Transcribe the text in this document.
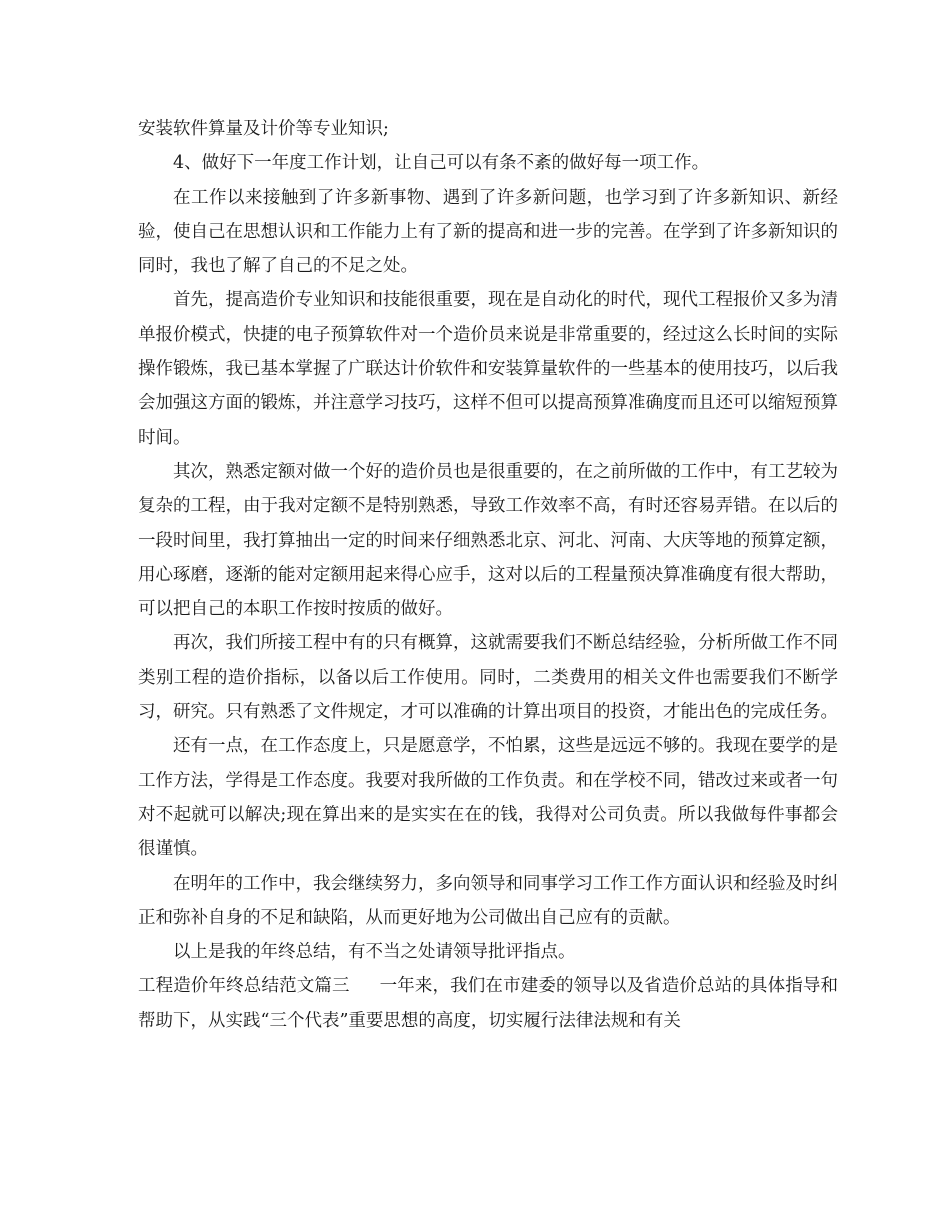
安装软件算量及计价等专业知识;

4、做好下一年度工作计划，让自己可以有条不紊的做好每一项工作。

在工作以来接触到了许多新事物、遇到了许多新问题，也学习到了许多新知识、新经验，使自己在思想认识和工作能力上有了新的提高和进一步的完善。在学到了许多新知识的同时，我也了解了自己的不足之处。

首先，提高造价专业知识和技能很重要，现在是自动化的时代，现代工程报价又多为清单报价模式，快捷的电子预算软件对一个造价员来说是非常重要的，经过这么长时间的实际操作锻炼，我已基本掌握了广联达计价软件和安装算量软件的一些基本的使用技巧，以后我会加强这方面的锻炼，并注意学习技巧，这样不但可以提高预算准确度而且还可以缩短预算时间。

其次，熟悉定额对做一个好的造价员也是很重要的，在之前所做的工作中，有工艺较为复杂的工程，由于我对定额不是特别熟悉，导致工作效率不高，有时还容易弄错。在以后的一段时间里，我打算抽出一定的时间来仔细熟悉北京、河北、河南、大庆等地的预算定额，用心琢磨，逐渐的能对定额用起来得心应手，这对以后的工程量预决算准确度有很大帮助，可以把自己的本职工作按时按质的做好。

再次，我们所接工程中有的只有概算，这就需要我们不断总结经验，分析所做工作不同类别工程的造价指标，以备以后工作使用。同时，二类费用的相关文件也需要我们不断学习，研究。只有熟悉了文件规定，才可以准确的计算出项目的投资，才能出色的完成任务。

还有一点，在工作态度上，只是愿意学，不怕累，这些是远远不够的。我现在要学的是工作方法，学得是工作态度。我要对我所做的工作负责。和在学校不同，错改过来或者一句对不起就可以解决;现在算出来的是实实在在的钱，我得对公司负责。所以我做每件事都会很谨慎。

在明年的工作中，我会继续努力，多向领导和同事学习工作工作方面认识和经验及时纠正和弥补自身的不足和缺陷，从而更好地为公司做出自己应有的贡献。

以上是我的年终总结，有不当之处请领导批评指点。

工程造价年终总结范文篇三 一年来，我们在市建委的领导以及省造价总站的具体指导和帮助下，从实践“三个代表”重要思想的高度，切实履行法律法规和有关
